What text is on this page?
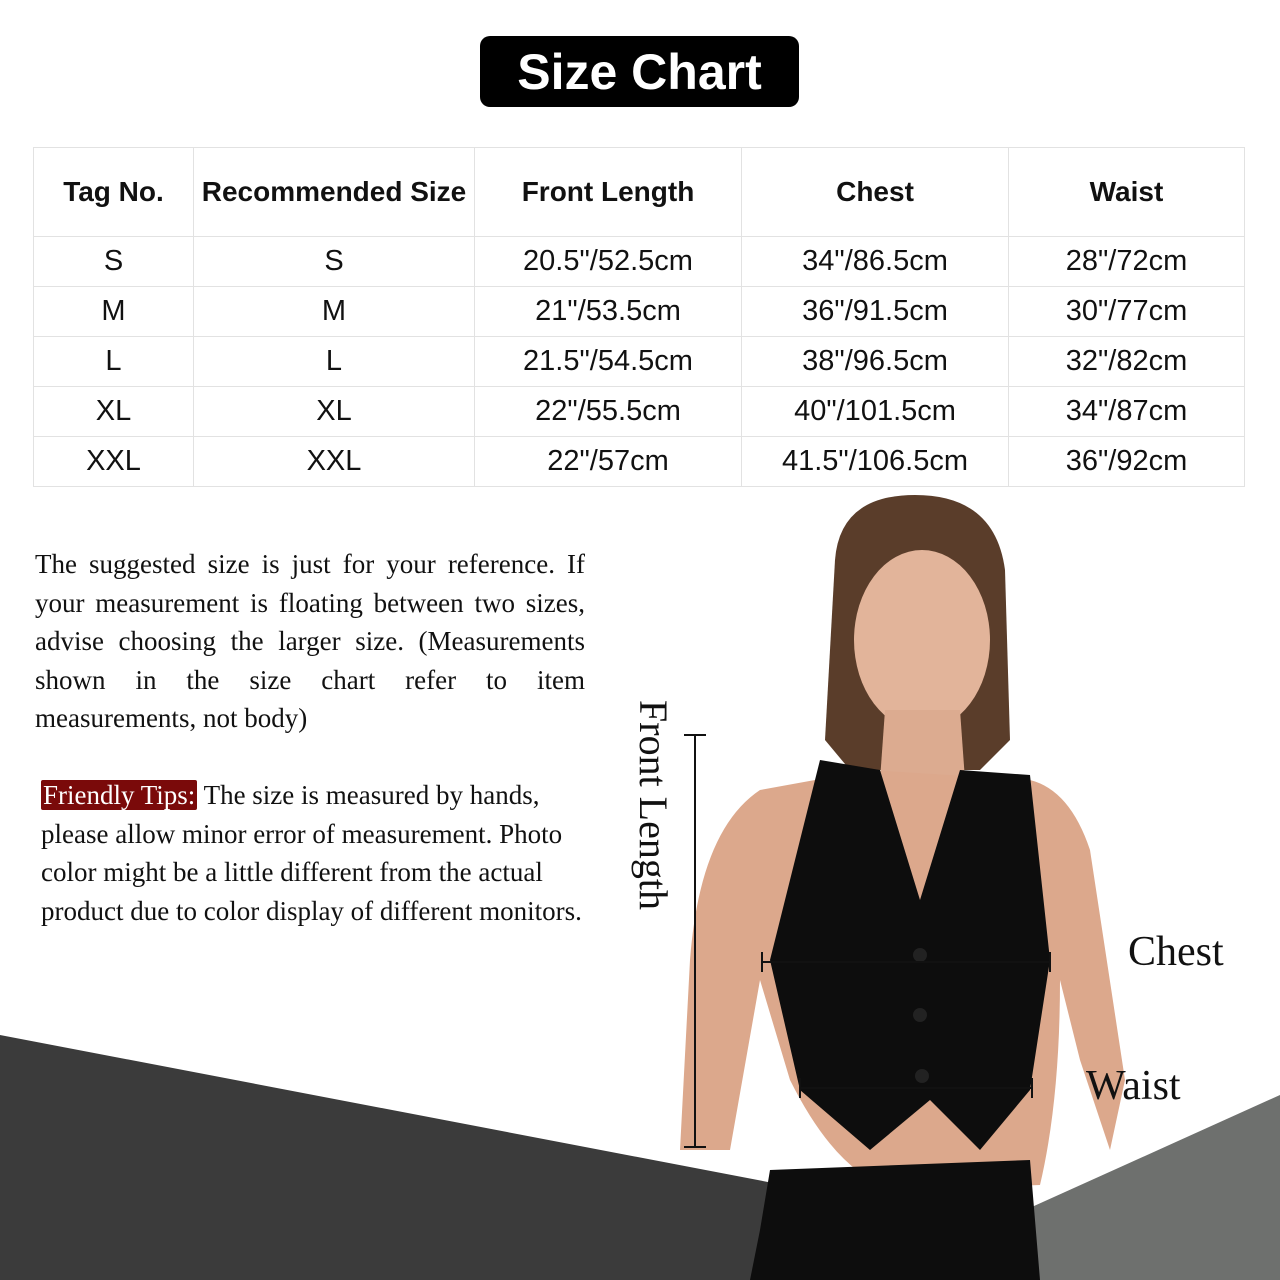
Size Chart
Tag No.	Recommended Size	Front Length	Chest	Waist
S	S	20.5"/52.5cm	34"/86.5cm	28"/72cm
M	M	21"/53.5cm	36"/91.5cm	30"/77cm
L	L	21.5"/54.5cm	38"/96.5cm	32"/82cm
XL	XL	22"/55.5cm	40"/101.5cm	34"/87cm
XXL	XXL	22"/57cm	41.5"/106.5cm	36"/92cm
The suggested size is just for your reference. If your measurement is floating between two sizes, advise choosing the larger size. (Measurements shown in the size chart refer to item measurements, not body)
Friendly Tips: The size is measured by hands, please allow minor error of measurement. Photo color might be a little different from the actual product due to color display of different monitors.
Front Length
Chest
Waist
